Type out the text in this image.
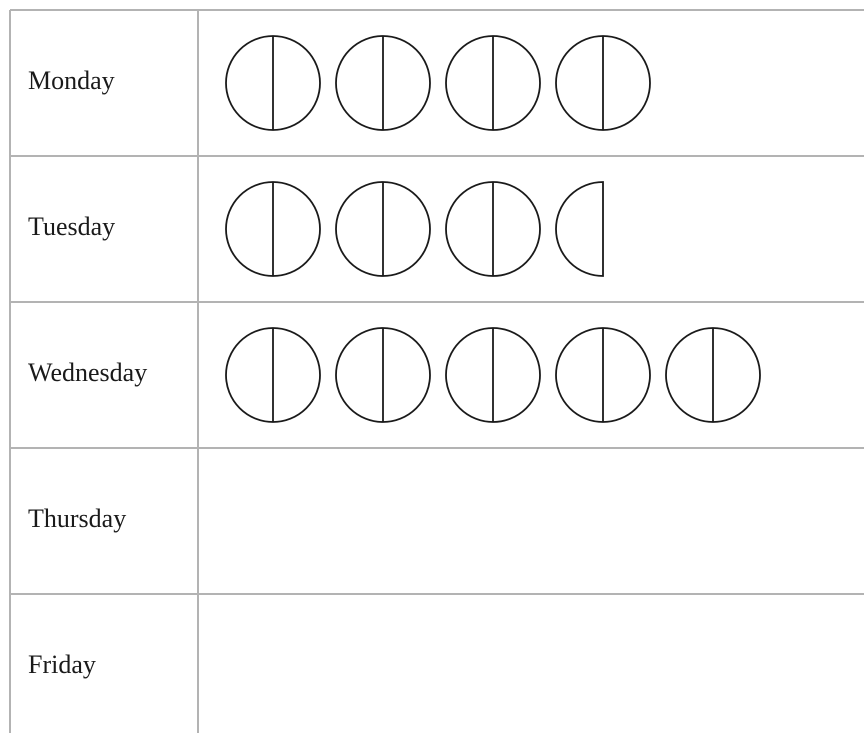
Monday
Tuesday
Wednesday
Thursday
Friday
